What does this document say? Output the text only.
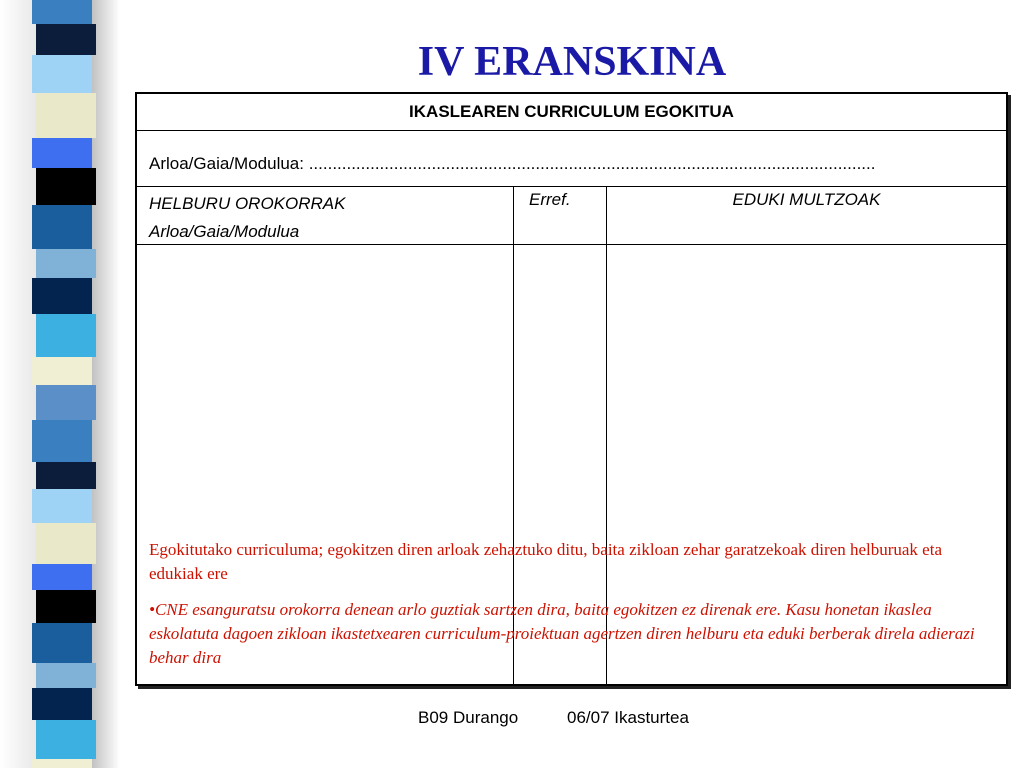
IV ERANSKINA
IKASLEAREN CURRICULUM EGOKITUA
Arloa/Gaia/Modulua: ........................................................................................................................
HELBURU OROKORRAK
Arloa/Gaia/Modulua
Erref.	EDUKI MULTZOAK
Egokitutako curriculuma; egokitzen diren arloak zehaztuko ditu, baita zikloan zehar garatzekoak diren helburuak eta edukiak ere
•CNE esanguratsu orokorra denean arlo guztiak sartzen dira, baita egokitzen ez direnak ere. Kasu honetan ikaslea eskolatuta dagoen zikloan ikastetxearen curriculum-proiektuan agertzen diren helburu eta eduki berberak direla adierazi behar dira
B09 Durango	06/07 Ikasturtea
